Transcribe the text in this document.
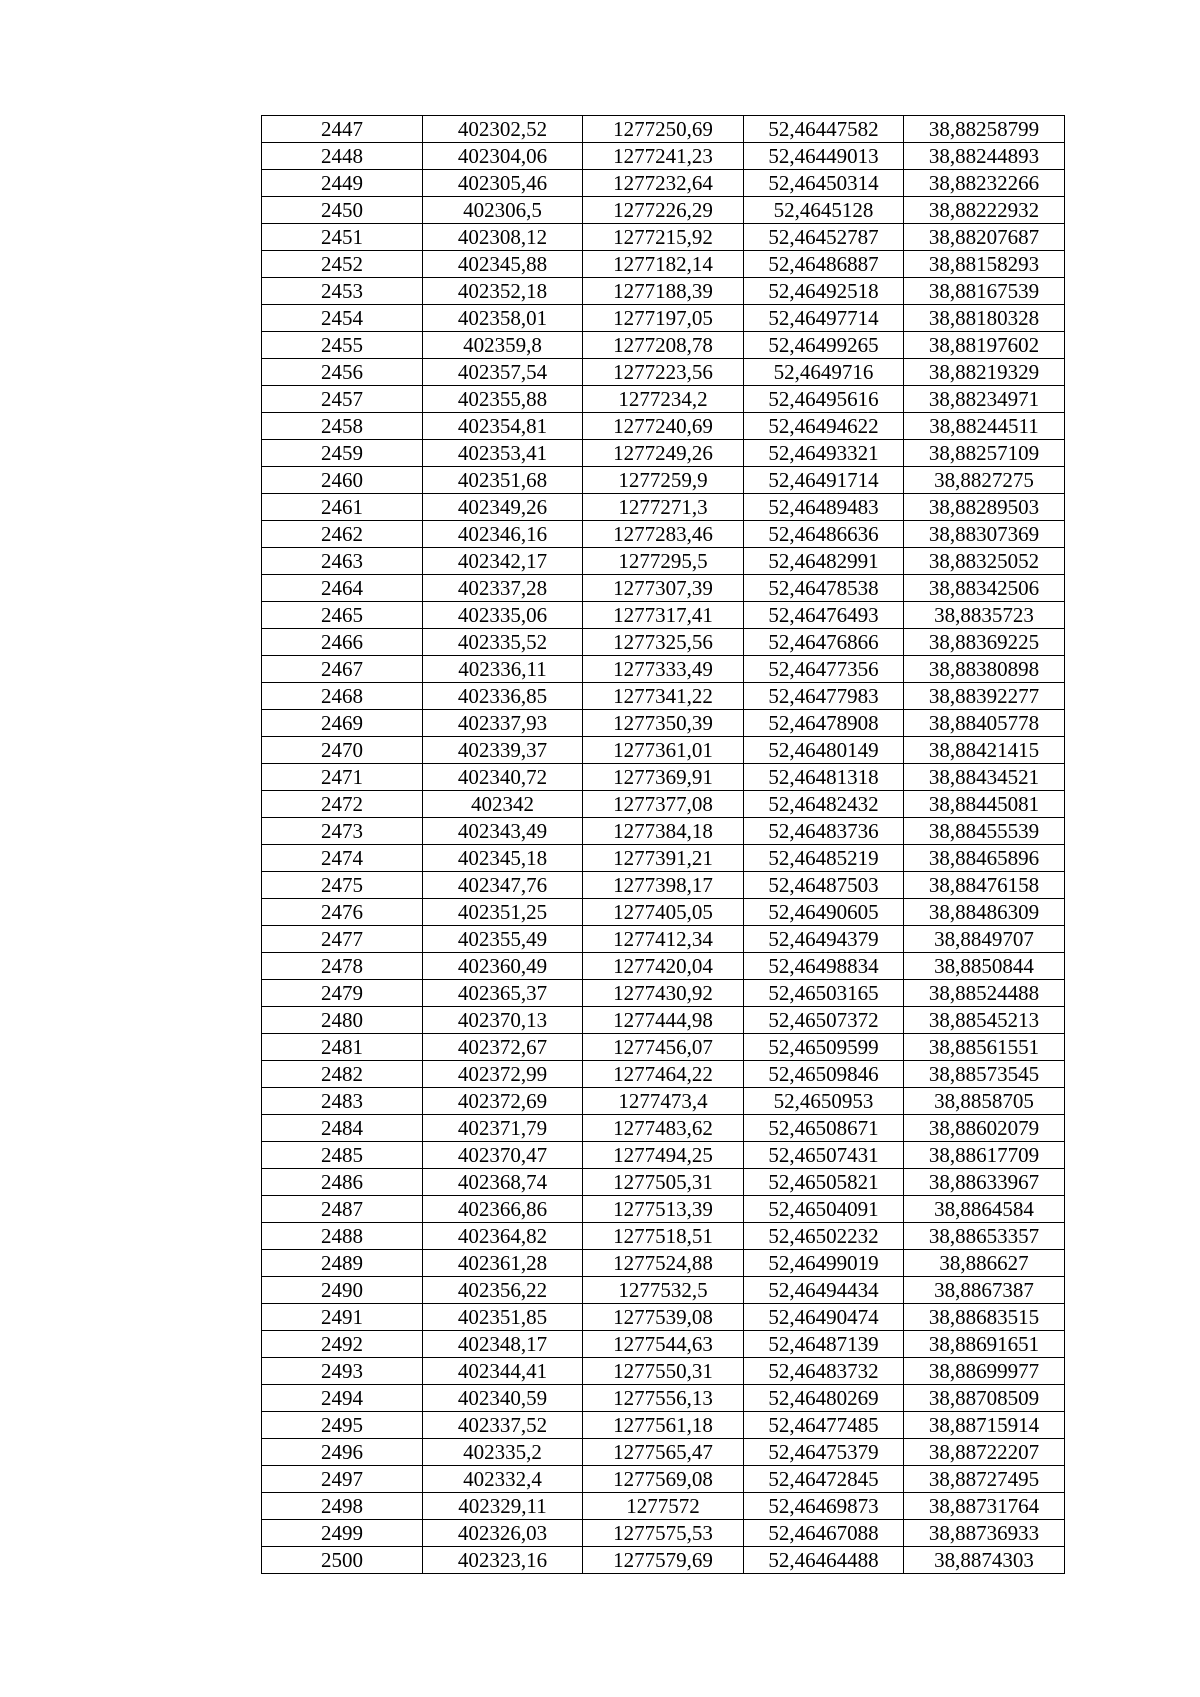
2447	402302,52	1277250,69	52,46447582	38,88258799
2448	402304,06	1277241,23	52,46449013	38,88244893
2449	402305,46	1277232,64	52,46450314	38,88232266
2450	402306,5	1277226,29	52,4645128	38,88222932
2451	402308,12	1277215,92	52,46452787	38,88207687
2452	402345,88	1277182,14	52,46486887	38,88158293
2453	402352,18	1277188,39	52,46492518	38,88167539
2454	402358,01	1277197,05	52,46497714	38,88180328
2455	402359,8	1277208,78	52,46499265	38,88197602
2456	402357,54	1277223,56	52,4649716	38,88219329
2457	402355,88	1277234,2	52,46495616	38,88234971
2458	402354,81	1277240,69	52,46494622	38,88244511
2459	402353,41	1277249,26	52,46493321	38,88257109
2460	402351,68	1277259,9	52,46491714	38,8827275
2461	402349,26	1277271,3	52,46489483	38,88289503
2462	402346,16	1277283,46	52,46486636	38,88307369
2463	402342,17	1277295,5	52,46482991	38,88325052
2464	402337,28	1277307,39	52,46478538	38,88342506
2465	402335,06	1277317,41	52,46476493	38,8835723
2466	402335,52	1277325,56	52,46476866	38,88369225
2467	402336,11	1277333,49	52,46477356	38,88380898
2468	402336,85	1277341,22	52,46477983	38,88392277
2469	402337,93	1277350,39	52,46478908	38,88405778
2470	402339,37	1277361,01	52,46480149	38,88421415
2471	402340,72	1277369,91	52,46481318	38,88434521
2472	402342	1277377,08	52,46482432	38,88445081
2473	402343,49	1277384,18	52,46483736	38,88455539
2474	402345,18	1277391,21	52,46485219	38,88465896
2475	402347,76	1277398,17	52,46487503	38,88476158
2476	402351,25	1277405,05	52,46490605	38,88486309
2477	402355,49	1277412,34	52,46494379	38,8849707
2478	402360,49	1277420,04	52,46498834	38,8850844
2479	402365,37	1277430,92	52,46503165	38,88524488
2480	402370,13	1277444,98	52,46507372	38,88545213
2481	402372,67	1277456,07	52,46509599	38,88561551
2482	402372,99	1277464,22	52,46509846	38,88573545
2483	402372,69	1277473,4	52,4650953	38,8858705
2484	402371,79	1277483,62	52,46508671	38,88602079
2485	402370,47	1277494,25	52,46507431	38,88617709
2486	402368,74	1277505,31	52,46505821	38,88633967
2487	402366,86	1277513,39	52,46504091	38,8864584
2488	402364,82	1277518,51	52,46502232	38,88653357
2489	402361,28	1277524,88	52,46499019	38,886627
2490	402356,22	1277532,5	52,46494434	38,8867387
2491	402351,85	1277539,08	52,46490474	38,88683515
2492	402348,17	1277544,63	52,46487139	38,88691651
2493	402344,41	1277550,31	52,46483732	38,88699977
2494	402340,59	1277556,13	52,46480269	38,88708509
2495	402337,52	1277561,18	52,46477485	38,88715914
2496	402335,2	1277565,47	52,46475379	38,88722207
2497	402332,4	1277569,08	52,46472845	38,88727495
2498	402329,11	1277572	52,46469873	38,88731764
2499	402326,03	1277575,53	52,46467088	38,88736933
2500	402323,16	1277579,69	52,46464488	38,8874303
